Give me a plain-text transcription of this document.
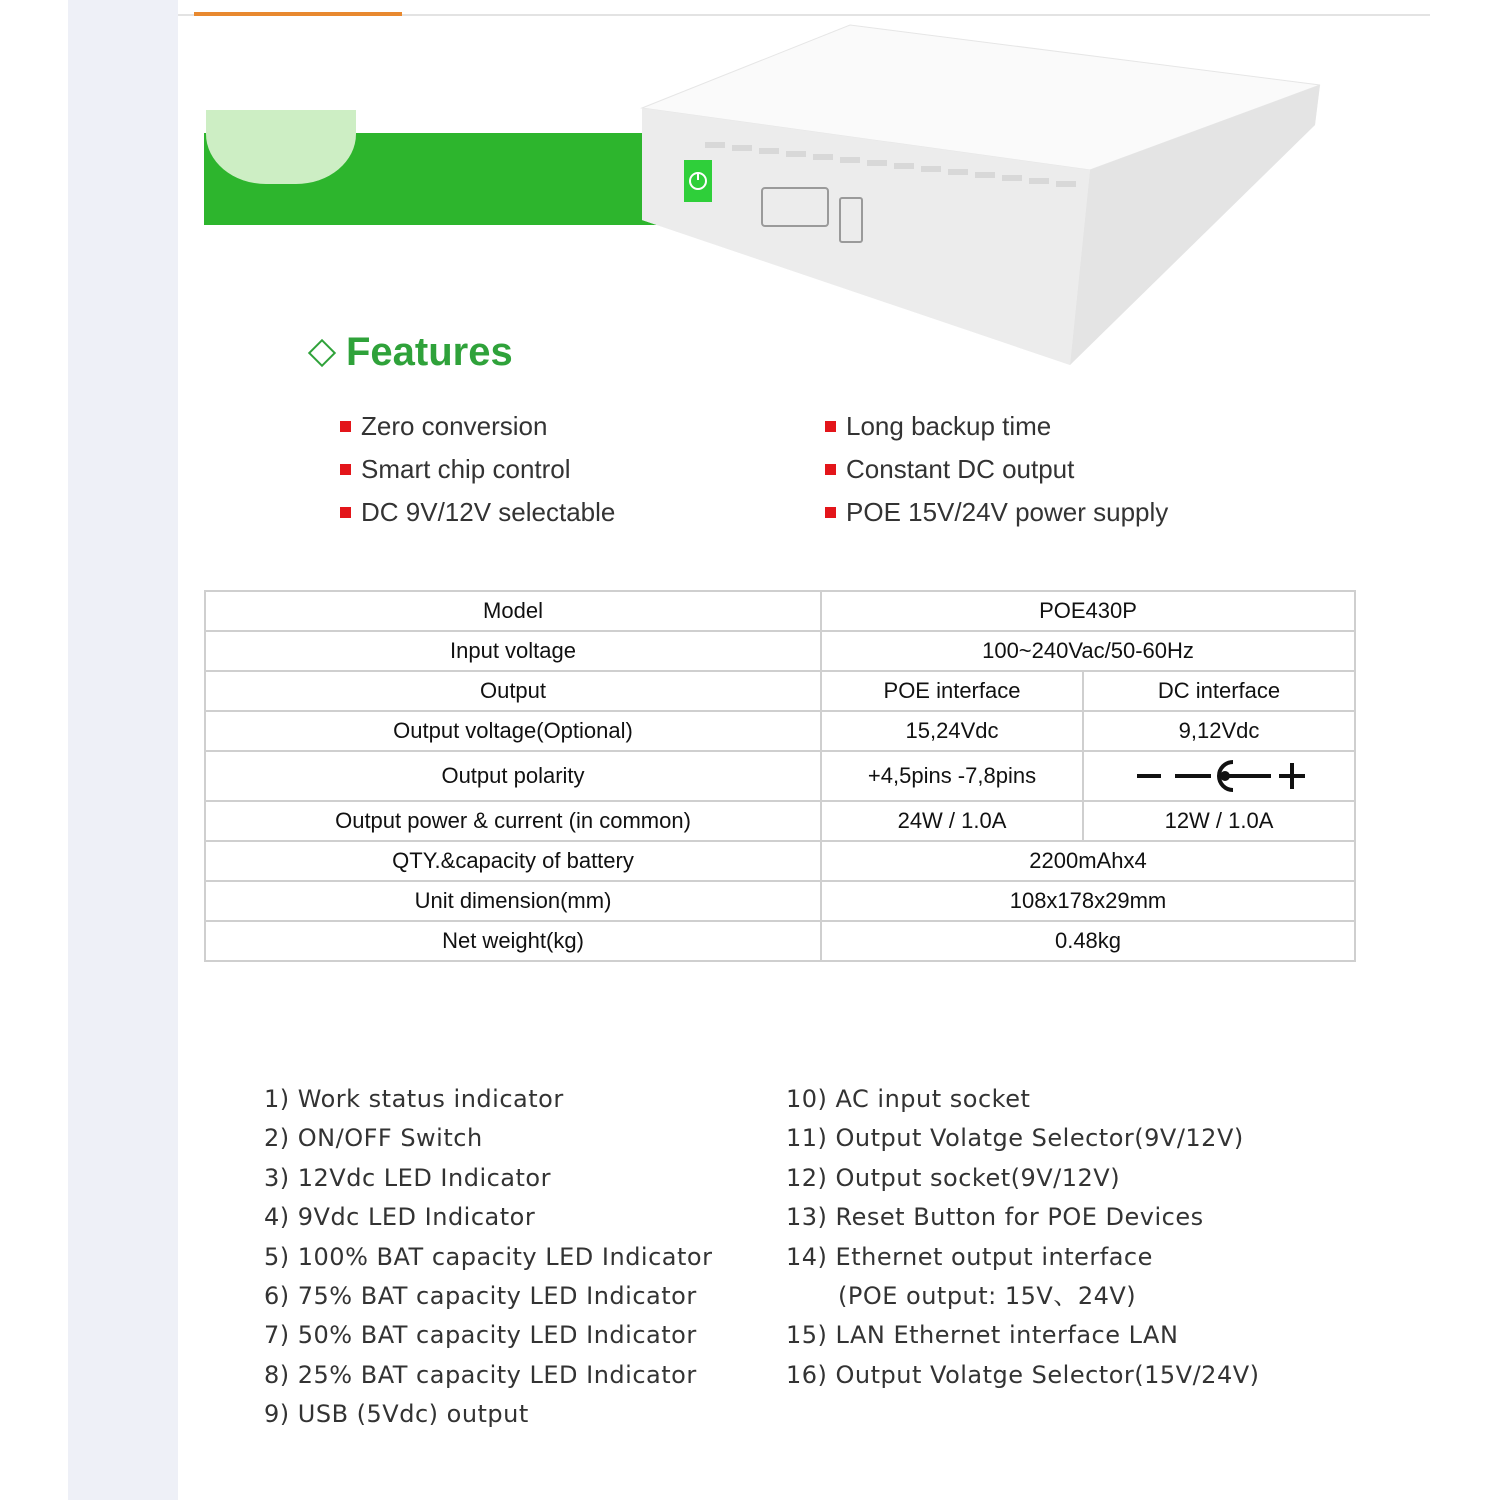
Features
Zero conversion	Long backup time
Smart chip control	Constant DC output
DC 9V/12V selectable	POE 15V/24V power supply
Model	POE430P	
Input voltage	100~240Vac/50-60Hz	
Output	POE interface	DC interface
Output voltage(Optional)	15,24Vdc	9,12Vdc
Output polarity	+4,5pins -7,8pins	

Output power & current (in common)	24W / 1.0A	12W / 1.0A
QTY.&capacity of battery	2200mAhx4	
Unit dimension(mm)	108x178x29mm	
Net weight(kg)	0.48kg	
1) Work status indicator
2) ON/OFF Switch
3) 12Vdc LED Indicator
4) 9Vdc LED Indicator
5) 100% BAT capacity LED Indicator
6) 75% BAT capacity LED Indicator
7) 50% BAT capacity LED Indicator
8) 25% BAT capacity LED Indicator
9) USB (5Vdc) output
10) AC input socket
11) Output Volatge Selector(9V/12V)
12) Output socket(9V/12V)
13) Reset Button for POE Devices
14) Ethernet output interface
(POE output: 15V、24V)
15) LAN Ethernet interface LAN
16) Output Volatge Selector(15V/24V)
